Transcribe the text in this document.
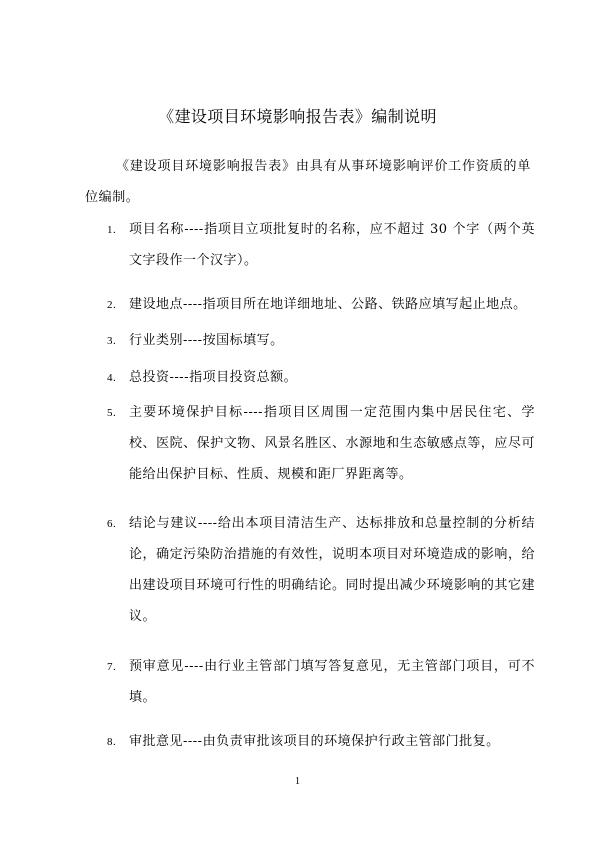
《建设项目环境影响报告表》编制说明
《建设项目环境影响报告表》由具有从事环境影响评价工作资质的单位编制。
1. 项目名称----指项目立项批复时的名称，应不超过 30 个字（两个英文字段作一个汉字）。
2. 建设地点----指项目所在地详细地址、公路、铁路应填写起止地点。
3. 行业类别----按国标填写。
4. 总投资----指项目投资总额。
5. 主要环境保护目标----指项目区周围一定范围内集中居民住宅、学校、医院、保护文物、风景名胜区、水源地和生态敏感点等，应尽可能给出保护目标、性质、规模和距厂界距离等。
6. 结论与建议----给出本项目清洁生产、达标排放和总量控制的分析结论，确定污染防治措施的有效性，说明本项目对环境造成的影响，给出建设项目环境可行性的明确结论。同时提出减少环境影响的其它建议。
7. 预审意见----由行业主管部门填写答复意见，无主管部门项目，可不填。
8. 审批意见----由负责审批该项目的环境保护行政主管部门批复。
1
